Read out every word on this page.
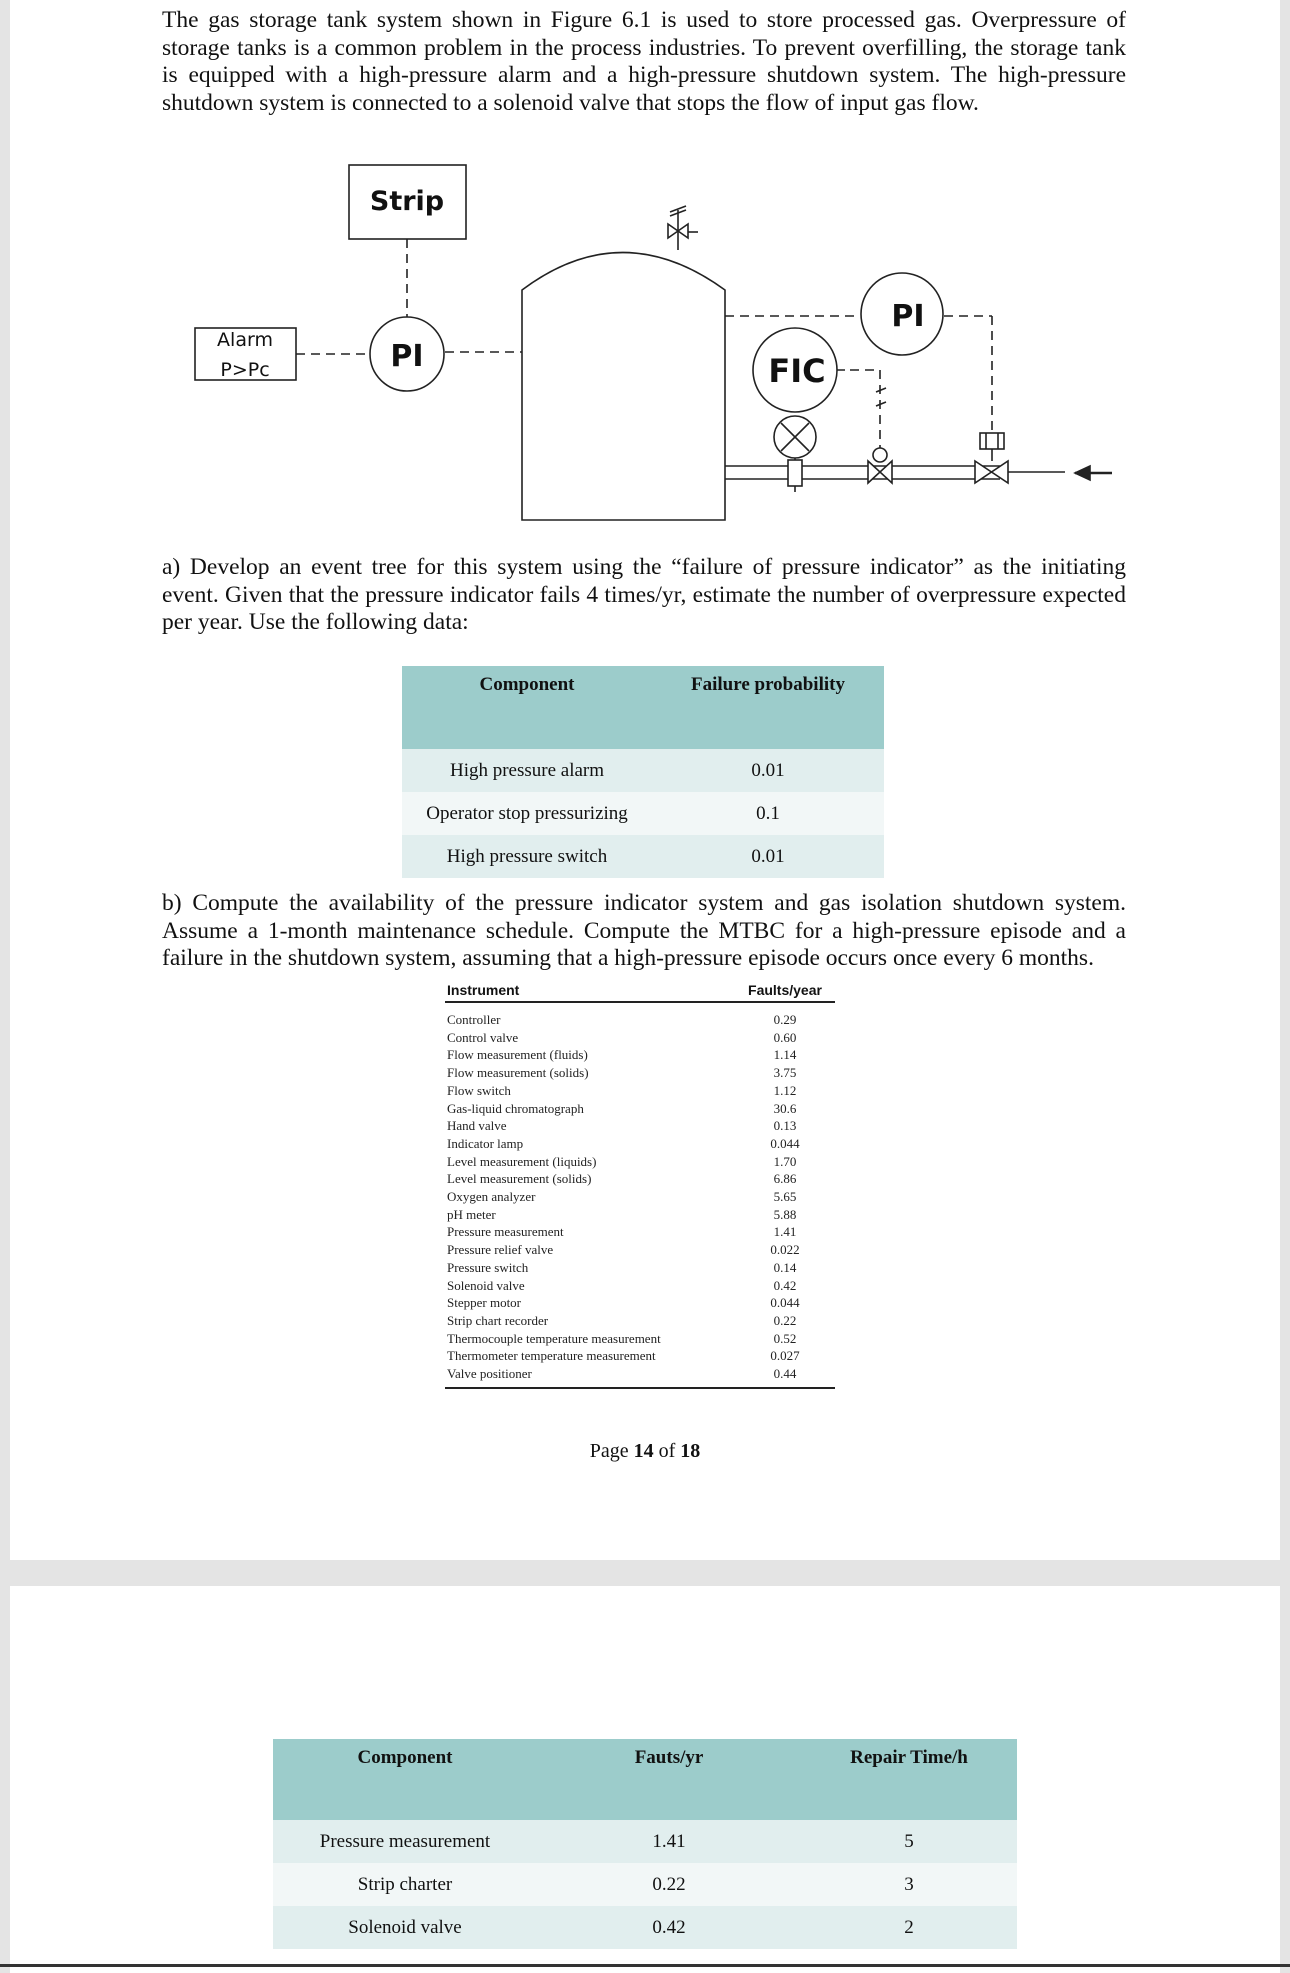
The gas storage tank system shown in Figure 6.1 is used to store processed gas. Overpressure of storage tanks is a common problem in the process industries. To prevent overfilling, the storage tank is equipped with a high-pressure alarm and a high-pressure shutdown system. The high-pressure shutdown system is connected to a solenoid valve that stops the flow of input gas flow.

Strip
Alarm
P>Pc	PI
PI
FIC

a) Develop an event tree for this system using the “failure of pressure indicator” as the initiating event. Given that the pressure indicator fails 4 times/yr, estimate the number of overpressure expected per year. Use the following data:

Component	Failure probability
High pressure alarm	0.01
Operator stop pressurizing	0.1
High pressure switch	0.01

b) Compute the availability of the pressure indicator system and gas isolation shutdown system. Assume a 1-month maintenance schedule. Compute the MTBC for a high-pressure episode and a failure in the shutdown system, assuming that a high-pressure episode occurs once every 6 months.

Instrument	Faults/year
Controller	0.29
Control valve	0.60
Flow measurement (fluids)	1.14
Flow measurement (solids)	3.75
Flow switch	1.12
Gas-liquid chromatograph	30.6
Hand valve	0.13
Indicator lamp	0.044
Level measurement (liquids)	1.70
Level measurement (solids)	6.86
Oxygen analyzer	5.65
pH meter	5.88
Pressure measurement	1.41
Pressure relief valve	0.022
Pressure switch	0.14
Solenoid valve	0.42
Stepper motor	0.044
Strip chart recorder	0.22
Thermocouple temperature measurement	0.52
Thermometer temperature measurement	0.027
Valve positioner	0.44
Page 14 of 18
Component	Fauts/yr	Repair Time/h
Pressure measurement	1.41	5
Strip charter	0.22	3
Solenoid valve	0.42	2
